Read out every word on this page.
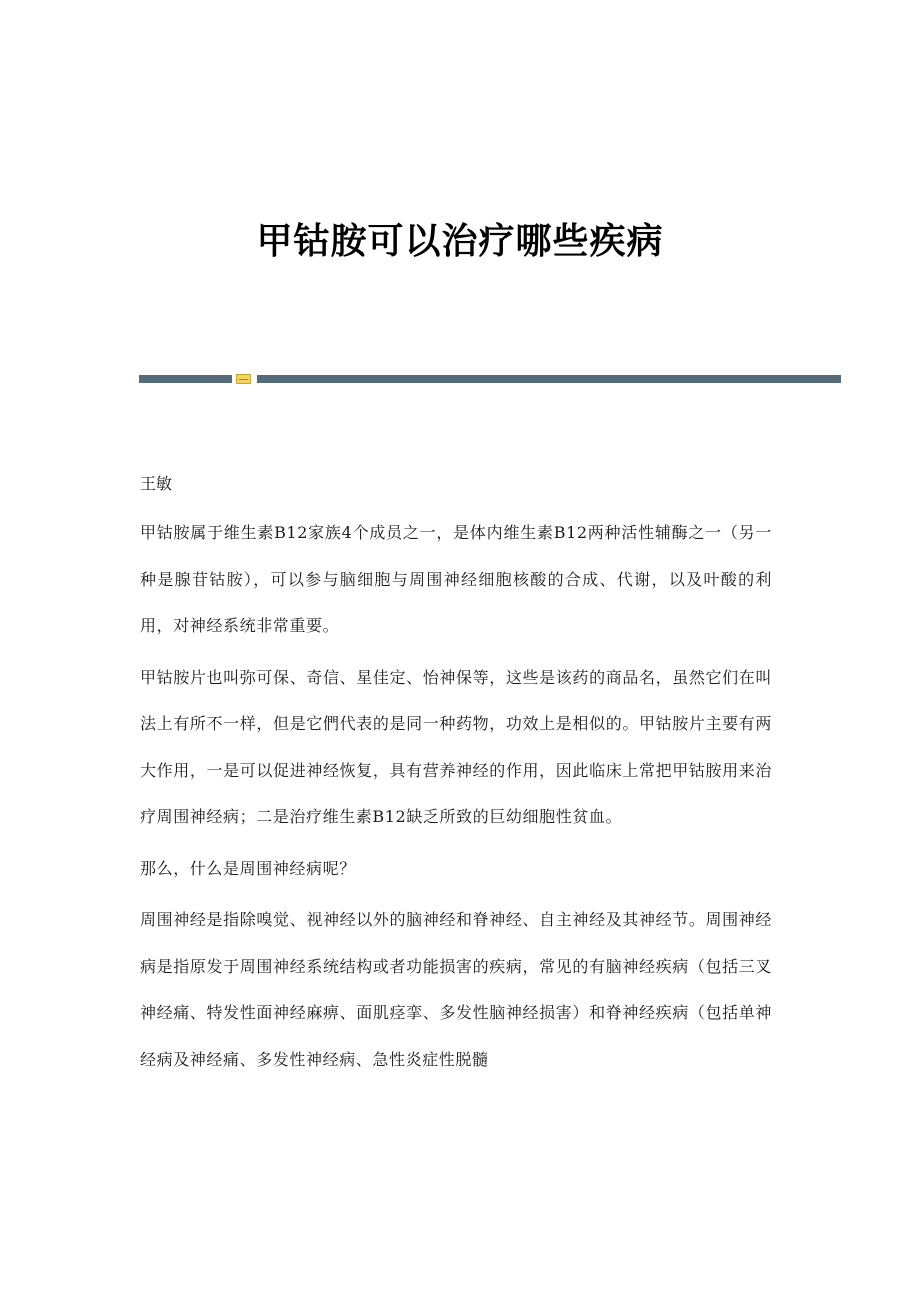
甲钴胺可以治疗哪些疾病

王敏

甲钴胺属于维生素B12家族4个成员之一，是体内维生素B12两种活性辅酶之一（另一种是腺苷钴胺），可以参与脑细胞与周围神经细胞核酸的合成、代谢，以及叶酸的利用，对神经系统非常重要。

甲钴胺片也叫弥可保、奇信、星佳定、怡神保等，这些是该药的商品名，虽然它们在叫法上有所不一样，但是它們代表的是同一种药物，功效上是相似的。甲钴胺片主要有两大作用，一是可以促进神经恢复，具有营养神经的作用，因此临床上常把甲钴胺用来治疗周围神经病；二是治疗维生素B12缺乏所致的巨幼细胞性贫血。

那么，什么是周围神经病呢？

周围神经是指除嗅觉、视神经以外的脑神经和脊神经、自主神经及其神经节。周围神经病是指原发于周围神经系统结构或者功能损害的疾病，常见的有脑神经疾病（包括三叉神经痛、特发性面神经麻痹、面肌痉挛、多发性脑神经损害）和脊神经疾病（包括单神经病及神经痛、多发性神经病、急性炎症性脱髓
